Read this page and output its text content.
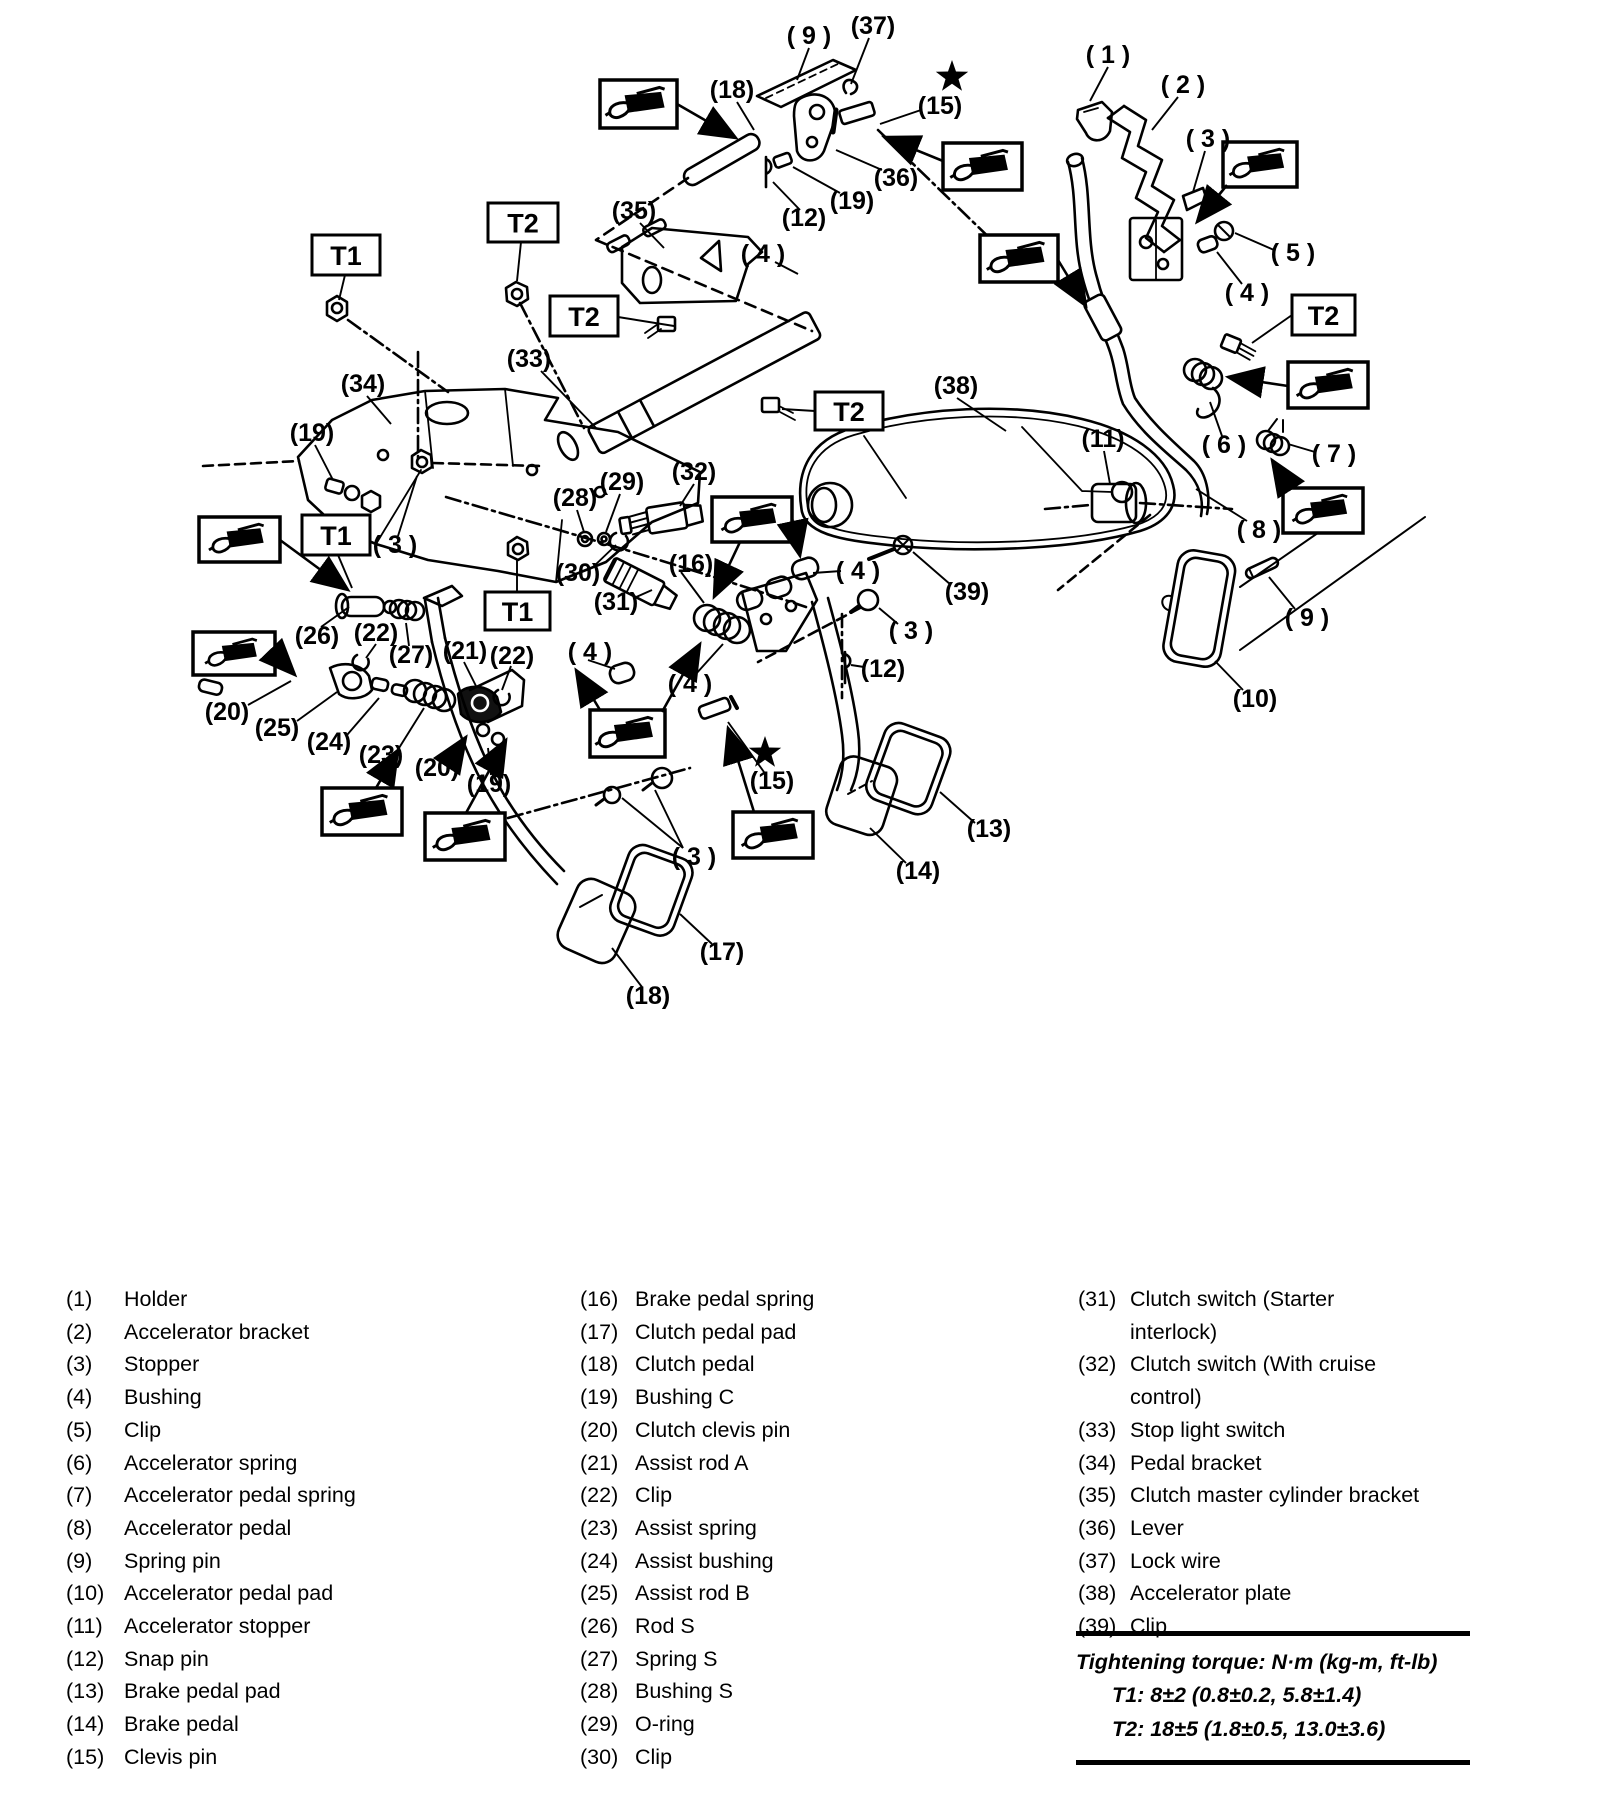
T1
T1
T1
T2
T2
T2
T2
( 9 ) (37)
(18)
(15)
(36)
(19)
(12)
(35)
( 4 )
( 1 )
( 2 )
( 3 )
( 5 )
( 4 )
(34)
(33)
(19)
( 3 )
(28)
(29) (32)
(30)
(31)
(16)
(38)
(11)	( 6 )	( 7 )
( 8 )
( 9 )
(10)
(39)
( 4 )
( 3 )
(12)
(26) (22)
(27) (21) (22) ( 4 )
( 4 )
(20)
(25) (24) (23) (20)
(19)	(15)
( 3 )
(17)
(18)
(13)
(14)
(1) Holder
(2) Accelerator bracket
(3) Stopper
(4) Bushing
(5) Clip
(6) Accelerator spring
(7) Accelerator pedal spring
(8) Accelerator pedal
(9) Spring pin
(10) Accelerator pedal pad
(11) Accelerator stopper
(12) Snap pin
(13) Brake pedal pad
(14) Brake pedal
(15) Clevis pin
(16) Brake pedal spring
(17) Clutch pedal pad
(18) Clutch pedal
(19) Bushing C
(20) Clutch clevis pin
(21) Assist rod A
(22) Clip
(23) Assist spring
(24) Assist bushing
(25) Assist rod B
(26) Rod S
(27) Spring S
(28) Bushing S
(29) O-ring
(30) Clip
(31) Clutch switch (Starter interlock)
(32) Clutch switch (With cruise control)
(33) Stop light switch
(34) Pedal bracket
(35) Clutch master cylinder bracket
(36) Lever
(37) Lock wire
(38) Accelerator plate
(39) Clip
Tightening torque: N·m (kg-m, ft-lb)
T1: 8±2 (0.8±0.2, 5.8±1.4)
T2: 18±5 (1.8±0.5, 13.0±3.6)
